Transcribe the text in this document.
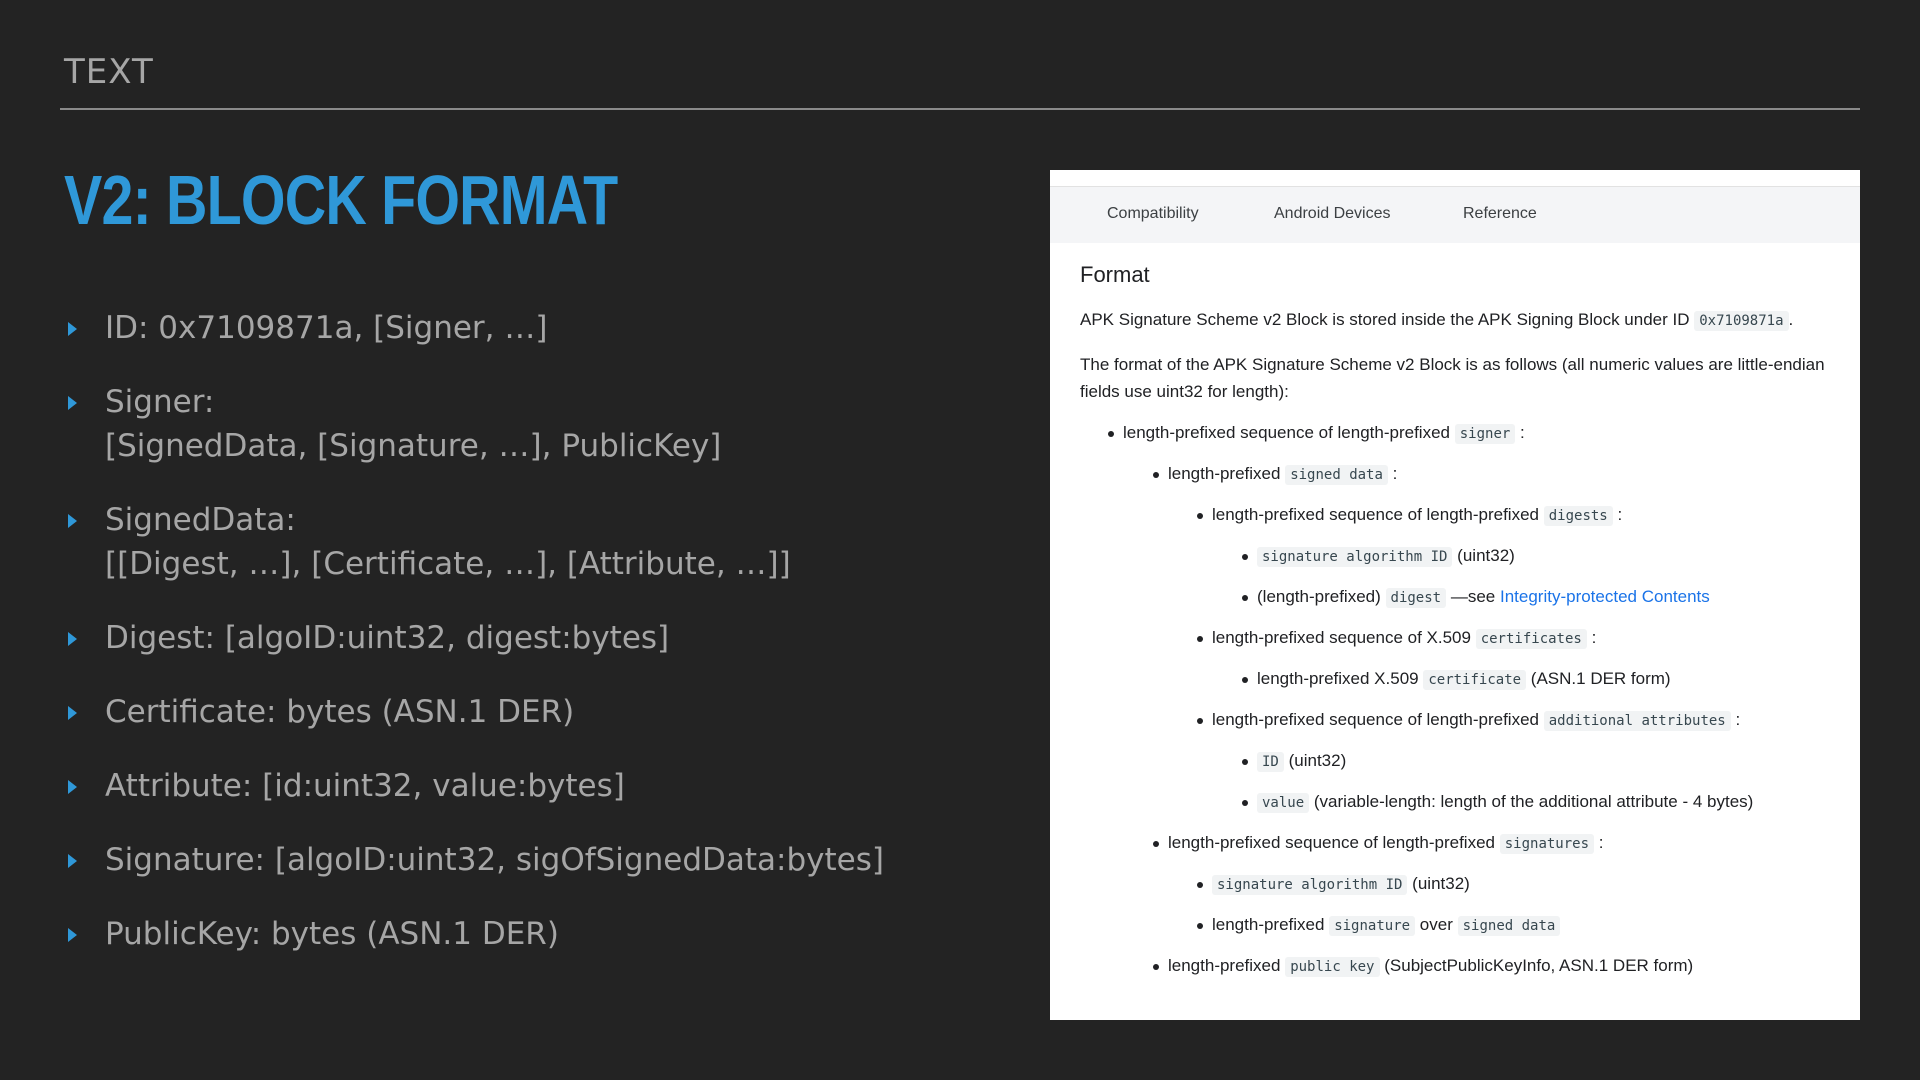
TEXT
V2: BLOCK FORMAT
ID: 0x7109871a, [Signer, …]
Signer:
[SignedData, [Signature, …], PublicKey]
SignedData:
[[Digest, …], [Certificate, …], [Attribute, …]]
Digest: [algoID:uint32, digest:bytes]
Certificate: bytes (ASN.1 DER)
Attribute: [id:uint32, value:bytes]
Signature: [algoID:uint32, sigOfSignedData:bytes]
PublicKey: bytes (ASN.1 DER)
Compatibility	Android Devices	Reference
Format

APK Signature Scheme v2 Block is stored inside the APK Signing Block under ID 0x7109871a .

The format of the APK Signature Scheme v2 Block is as follows (all numeric values are little-endian
fields use uint32 for length):

length-prefixed sequence of length-prefixed signer :
length-prefixed signed data :
length-prefixed sequence of length-prefixed digests :
signature algorithm ID (uint32)
(length-prefixed) digest —see Integrity-protected Contents
length-prefixed sequence of X.509 certificates :
length-prefixed X.509 certificate (ASN.1 DER form)
length-prefixed sequence of length-prefixed additional attributes :
ID (uint32)
value (variable-length: length of the additional attribute - 4 bytes)
length-prefixed sequence of length-prefixed signatures :
signature algorithm ID (uint32)
length-prefixed signature over signed data
length-prefixed public key (SubjectPublicKeyInfo, ASN.1 DER form)
